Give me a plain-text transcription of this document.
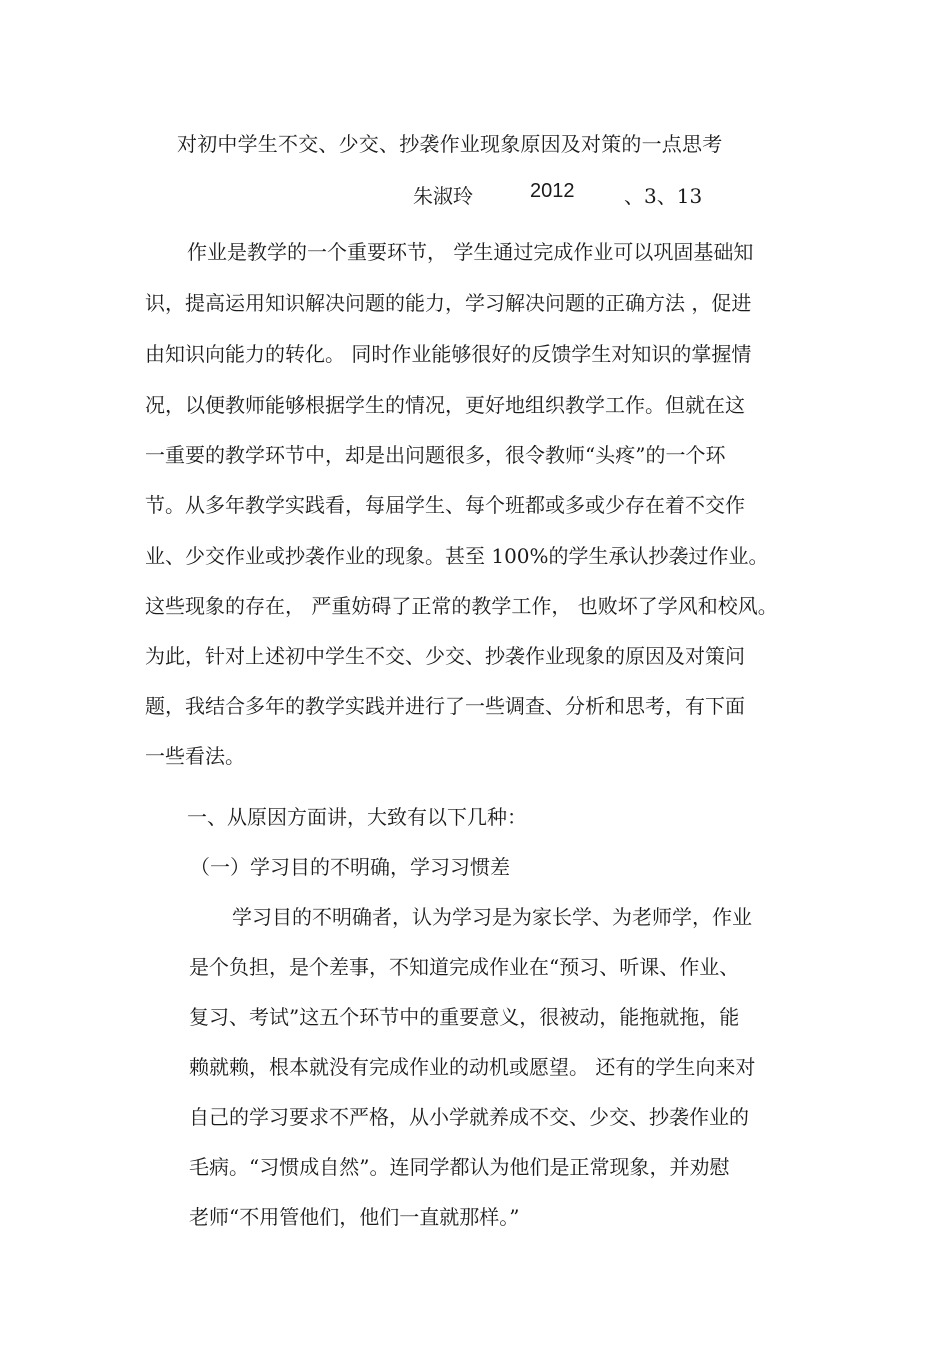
对初中学生不交、少交、抄袭作业现象原因及对策的一点思考
朱淑玲	2012 、3、13
作业是教学的一个重要环节， 学生通过完成作业可以巩固基础知
识，提高运用知识解决问题的能力，学习解决问题的正确方法 ，促进
由知识向能力的转化。 同时作业能够很好的反馈学生对知识的掌握情
况，以便教师能够根据学生的情况，更好地组织教学工作。但就在这
一重要的教学环节中，却是出问题很多，很令教师“头疼”的一个环
节。从多年教学实践看，每届学生、每个班都或多或少存在着不交作
业、少交作业或抄袭作业的现象。甚至 100%的学生承认抄袭过作业。
这些现象的存在， 严重妨碍了正常的教学工作， 也败坏了学风和校风。
为此，针对上述初中学生不交、少交、抄袭作业现象的原因及对策问
题，我结合多年的教学实践并进行了一些调查、分析和思考，有下面
一些看法。
一、从原因方面讲，大致有以下几种：
（一）学习目的不明确，学习习惯差
学习目的不明确者，认为学习是为家长学、为老师学，作业
是个负担，是个差事，不知道完成作业在“预习、听课、作业、
复习、考试”这五个环节中的重要意义，很被动，能拖就拖，能
赖就赖，根本就没有完成作业的动机或愿望。 还有的学生向来对
自己的学习要求不严格，从小学就养成不交、少交、抄袭作业的
毛病。“习惯成自然”。连同学都认为他们是正常现象，并劝慰
老师“不用管他们，他们一直就那样。”
